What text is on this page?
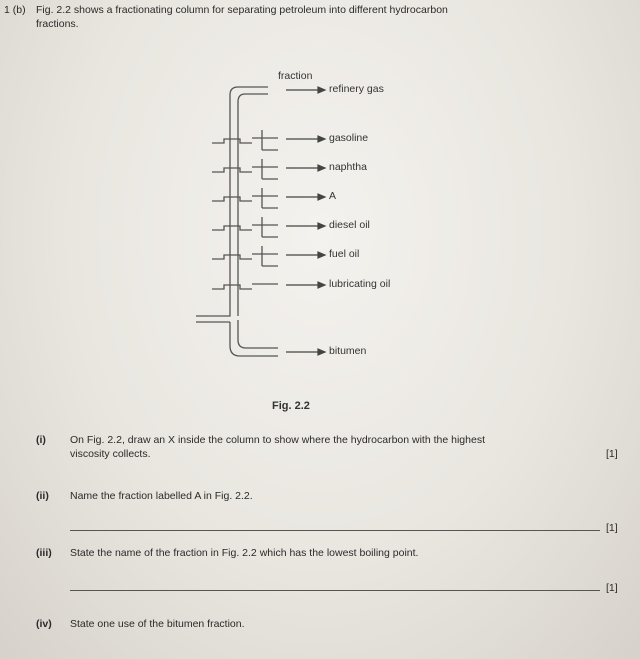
1 (b) Fig. 2.2 shows a fractionating column for separating petroleum into different hydrocarbon
fractions.
fraction
refinery gas
gasoline
naphtha
A
diesel oil
fuel oil
lubricating oil
bitumen
Fig. 2.2
(i) On Fig. 2.2, draw an X inside the column to show where the hydrocarbon with the highest
viscosity collects.	[1]
(ii) Name the fraction labelled A in Fig. 2.2.
[1]
(iii) State the name of the fraction in Fig. 2.2 which has the lowest boiling point.
[1]
(iv) State one use of the bitumen fraction.
